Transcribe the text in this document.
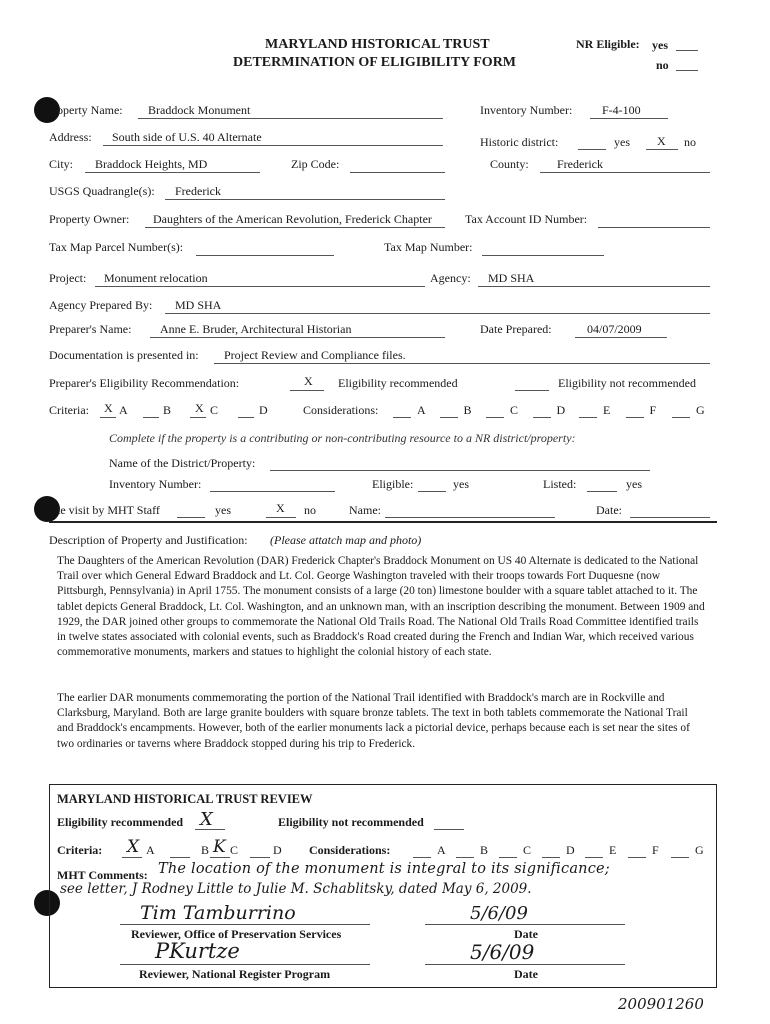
MARYLAND HISTORICAL TRUST
DETERMINATION OF ELIGIBILITY FORM
NR Eligible: yes
no
operty Name: Braddock Monument	Inventory Number: F-4-100
Address: South side of U.S. 40 Alternate	Historic district:	yes X no
City: Braddock Heights, MD	Zip Code:	County: Frederick
USGS Quadrangle(s): Frederick
Property Owner: Daughters of the American Revolution, Frederick Chapter	Tax Account ID Number:
Tax Map Parcel Number(s):	Tax Map Number:
Project: Monument relocation	Agency: MD SHA
Agency Prepared By: MD SHA
Preparer's Name: Anne E. Bruder, Architectural Historian	Date Prepared:	04/07/2009
Documentation is presented in: Project Review and Compliance files.
Preparer's Eligibility Recommendation:	X Eligibility recommended	Eligibility not recommended
Criteria: X A	B X C	D	Considerations:	A	B	C	D	E	F	G
Complete if the property is a contributing or non-contributing resource to a NR district/property:
Name of the District/Property:
Inventory Number:	Eligible:	yes	Listed:	yes
te visit by MHT Staff	yes	X no	Name:	Date:
Description of Property and Justification: (Please attatch map and photo)
The Daughters of the American Revolution (DAR) Frederick Chapter's Braddock Monument on US 40 Alternate is dedicated to the National Trail over which General Edward Braddock and Lt. Col. George Washington traveled with their troops towards Fort Duquesne (now Pittsburgh, Pennsylvania) in April 1755. The monument consists of a large (20 ton) limestone boulder with a square tablet attached to it. The tablet depicts General Braddock, Lt. Col. Washington, and an unknown man, with an inscription describing the monument. Between 1909 and 1929, the DAR joined other groups to commemorate the National Old Trails Road. The National Old Trails Road Committee identified trails in twelve states associated with colonial events, such as Braddock's Road created during the French and Indian War, which received various commemorative monuments, markers and statues to highlight the colonial history of each state.
The earlier DAR monuments commemorating the portion of the National Trail identified with Braddock's march are in Rockville and Clarksburg, Maryland. Both are large granite boulders with square bronze tablets. The text in both tablets commemorate the National Trail and Braddock's encampments. However, both of the earlier monuments lack a pictorial device, perhaps because each is set near the sites of two ordinaries or taverns where Braddock stopped during his trip to Frederick.
MARYLAND HISTORICAL TRUST REVIEW
Eligibility recommended X	Eligibility not recommended
Criteria: X A	B K C	D Considerations:	A	B	C	D	E	F	G
MHT Comments: The location of the monument is integral to its significance;
see letter, J Rodney Little to Julie M. Schablitsky, dated May 6, 2009.
Tim Tamburrino	5/6/09
Reviewer, Office of Preservation Services	Date
PKurtze	5/6/09
Reviewer, National Register Program	Date
200901260
